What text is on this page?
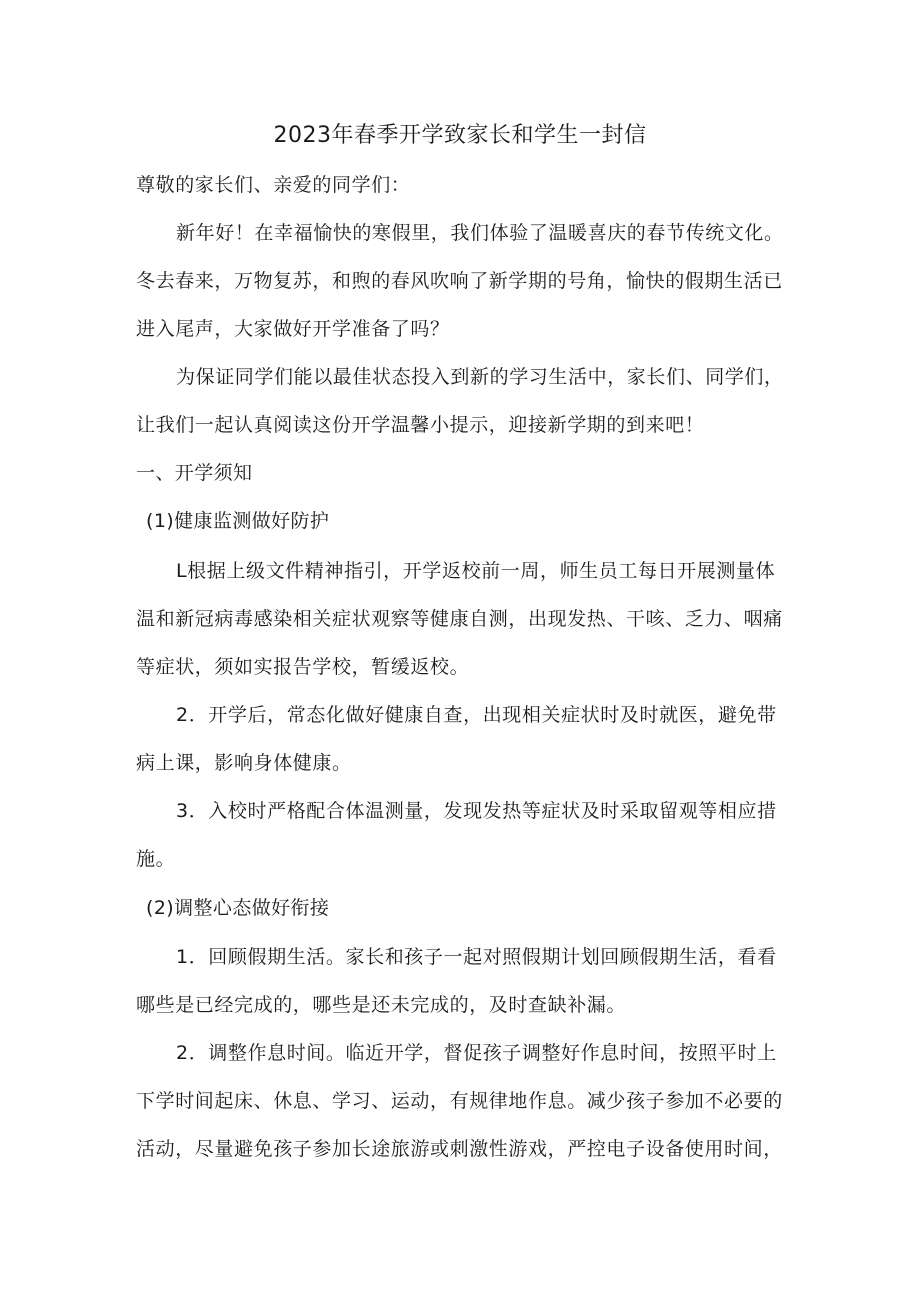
2023年春季开学致家长和学生一封信
尊敬的家长们、亲爱的同学们：
新年好！在幸福愉快的寒假里，我们体验了温暖喜庆的春节传统文化。
冬去春来，万物复苏，和煦的春风吹响了新学期的号角，愉快的假期生活已
进入尾声，大家做好开学准备了吗？
为保证同学们能以最佳状态投入到新的学习生活中，家长们、同学们，
让我们一起认真阅读这份开学温馨小提示，迎接新学期的到来吧！
一、开学须知
(1)健康监测做好防护
L根据上级文件精神指引，开学返校前一周，师生员工每日开展测量体
温和新冠病毒感染相关症状观察等健康自测，出现发热、干咳、乏力、咽痛
等症状，须如实报告学校，暂缓返校。
2．开学后，常态化做好健康自查，出现相关症状时及时就医，避免带
病上课，影响身体健康。
3．入校时严格配合体温测量，发现发热等症状及时采取留观等相应措
施。
(2)调整心态做好衔接
1．回顾假期生活。家长和孩子一起对照假期计划回顾假期生活，看看
哪些是已经完成的，哪些是还未完成的，及时查缺补漏。
2．调整作息时间。临近开学，督促孩子调整好作息时间，按照平时上
下学时间起床、休息、学习、运动，有规律地作息。减少孩子参加不必要的
活动，尽量避免孩子参加长途旅游或刺激性游戏，严控电子设备使用时间，
